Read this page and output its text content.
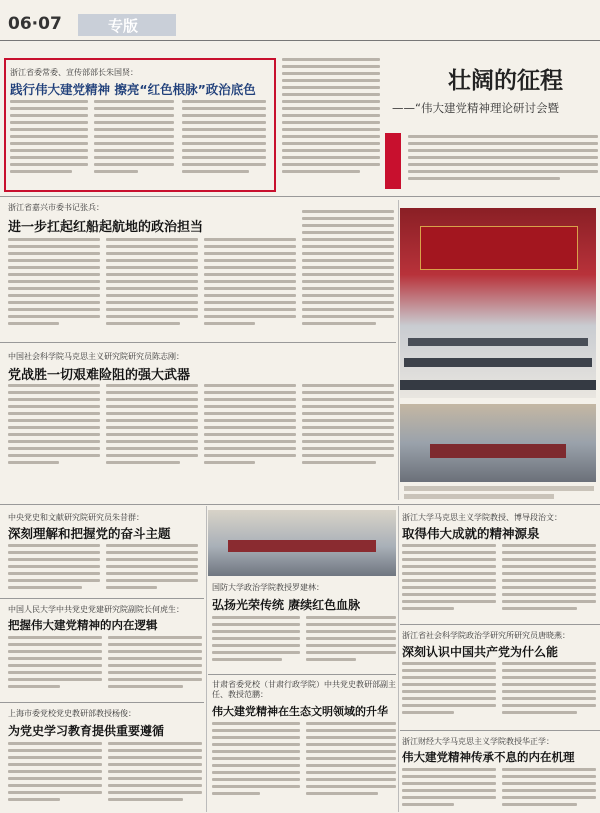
06·07	专版
浙江省委常委、宣传部部长朱国贤：
践行伟大建党精神 擦亮“红色根脉”政治底色	壮阔的征程
——“伟大建党精神理论研讨会暨
浙江省嘉兴市委书记张兵：
进一步扛起红船起航地的政治担当
中国社会科学院马克思主义研究院研究员陈志刚：
党战胜一切艰难险阻的强大武器
中央党史和文献研究院研究员朱昔群：
深刻理解和把握党的奋斗主题
浙江大学马克思主义学院教授、博导段治文：
取得伟大成就的精神源泉
中国人民大学中共党史党建研究院副院长何虎生：
把握伟大建党精神的内在逻辑
国防大学政治学院教授罗建林：
弘扬光荣传统 赓续红色血脉
浙江省社会科学院政治学研究所研究员唐晓燕：
深刻认识中国共产党为什么能
上海市委党校党史教研部教授杨俊：
为党史学习教育提供重要遵循
甘肃省委党校（甘肃行政学院）中共党史教研部副主任、教授范鹏：
伟大建党精神在生态文明领域的升华
浙江财经大学马克思主义学院教授华正学：
伟大建党精神传承不息的内在机理
